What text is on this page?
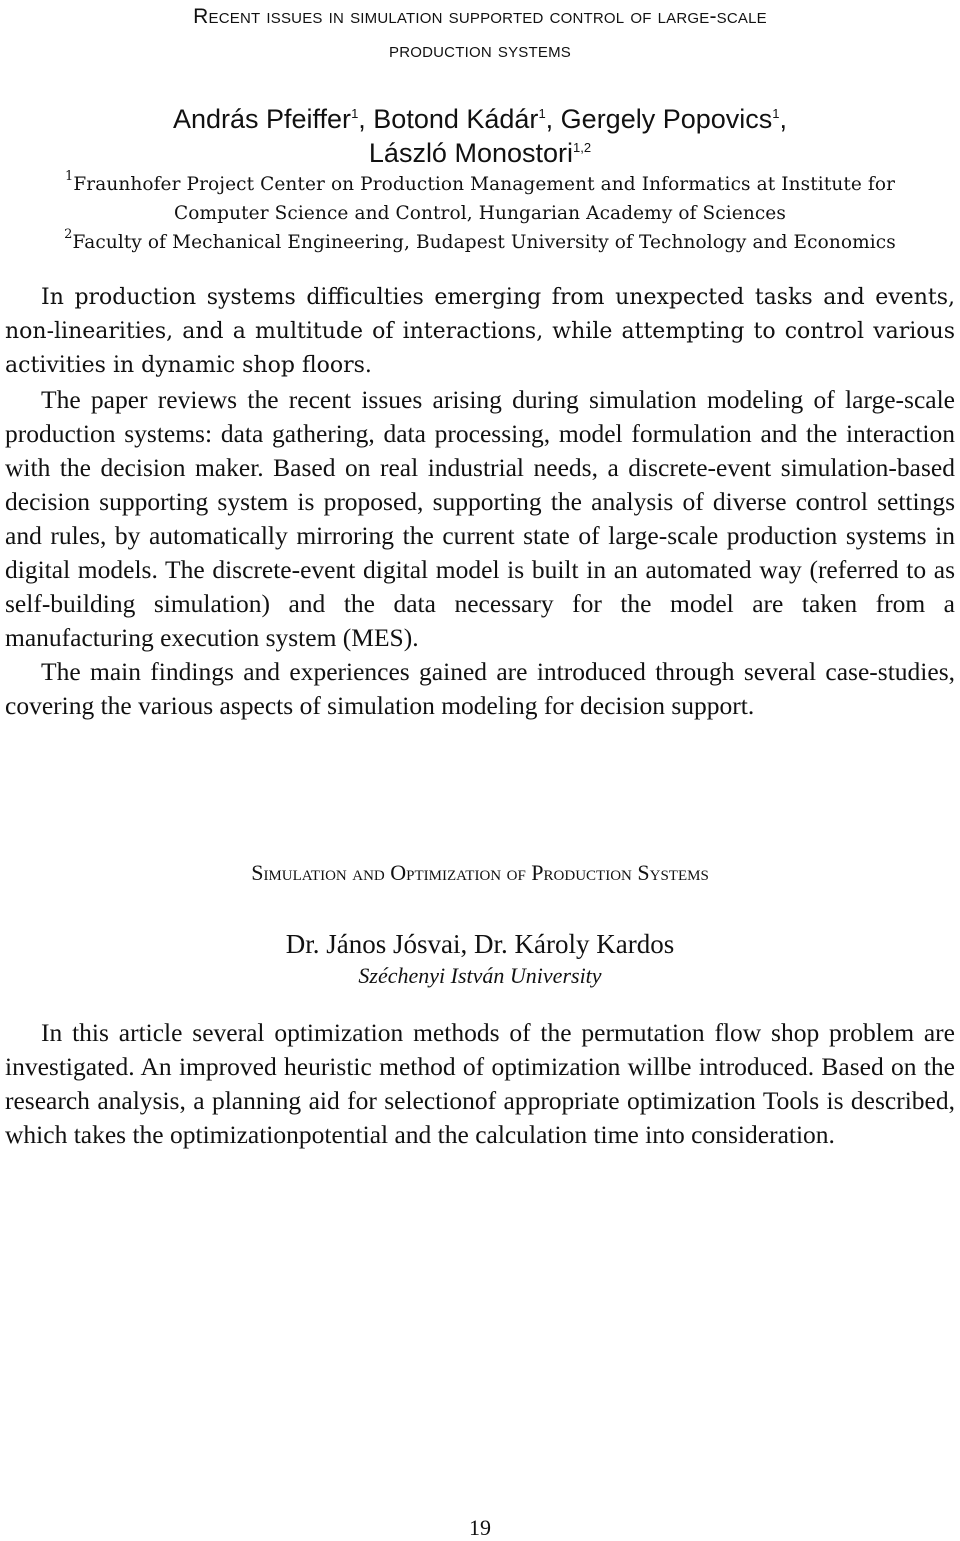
Recent issues in simulation supported control of large-scale
production systems
András Pfeiffer$^1$, Botond Kádár$^1$, Gergely Popovics$^1$,
László Monostori$^{1,2}$
$^1$Fraunhofer Project Center on Production Management and Informatics at Institute for
Computer Science and Control, Hungarian Academy of Sciences
$^2$Faculty of Mechanical Engineering, Budapest University of Technology and Economics

In production systems difficulties emerging from unexpected tasks and events, non-linearities, and a multitude of interactions, while attempting to control various activities in dynamic shop floors.

The paper reviews the recent issues arising during simulation modeling of large-scale production systems: data gathering, data processing, model formulation and the interaction with the decision maker. Based on real industrial needs, a discrete-event simulation-based decision supporting system is proposed, supporting the analysis of diverse control settings and rules, by automatically mirroring the current state of large-scale production systems in digital models. The discrete-event digital model is built in an automated way (referred to as self-building simulation) and the data necessary for the model are taken from a manufacturing execution system (MES).

The main findings and experiences gained are introduced through several case-studies, covering the various aspects of simulation modeling for decision support.

Simulation and Optimization of Production Systems
Dr. János Jósvai, Dr. Károly Kardos
Széchenyi István University

In this article several optimization methods of the permutation flow shop problem are investigated. An improved heuristic method of optimization willbe introduced. Based on the research analysis, a planning aid for selectionof appropriate optimization Tools is described, which takes the optimizationpotential and the calculation time into consideration.

19
